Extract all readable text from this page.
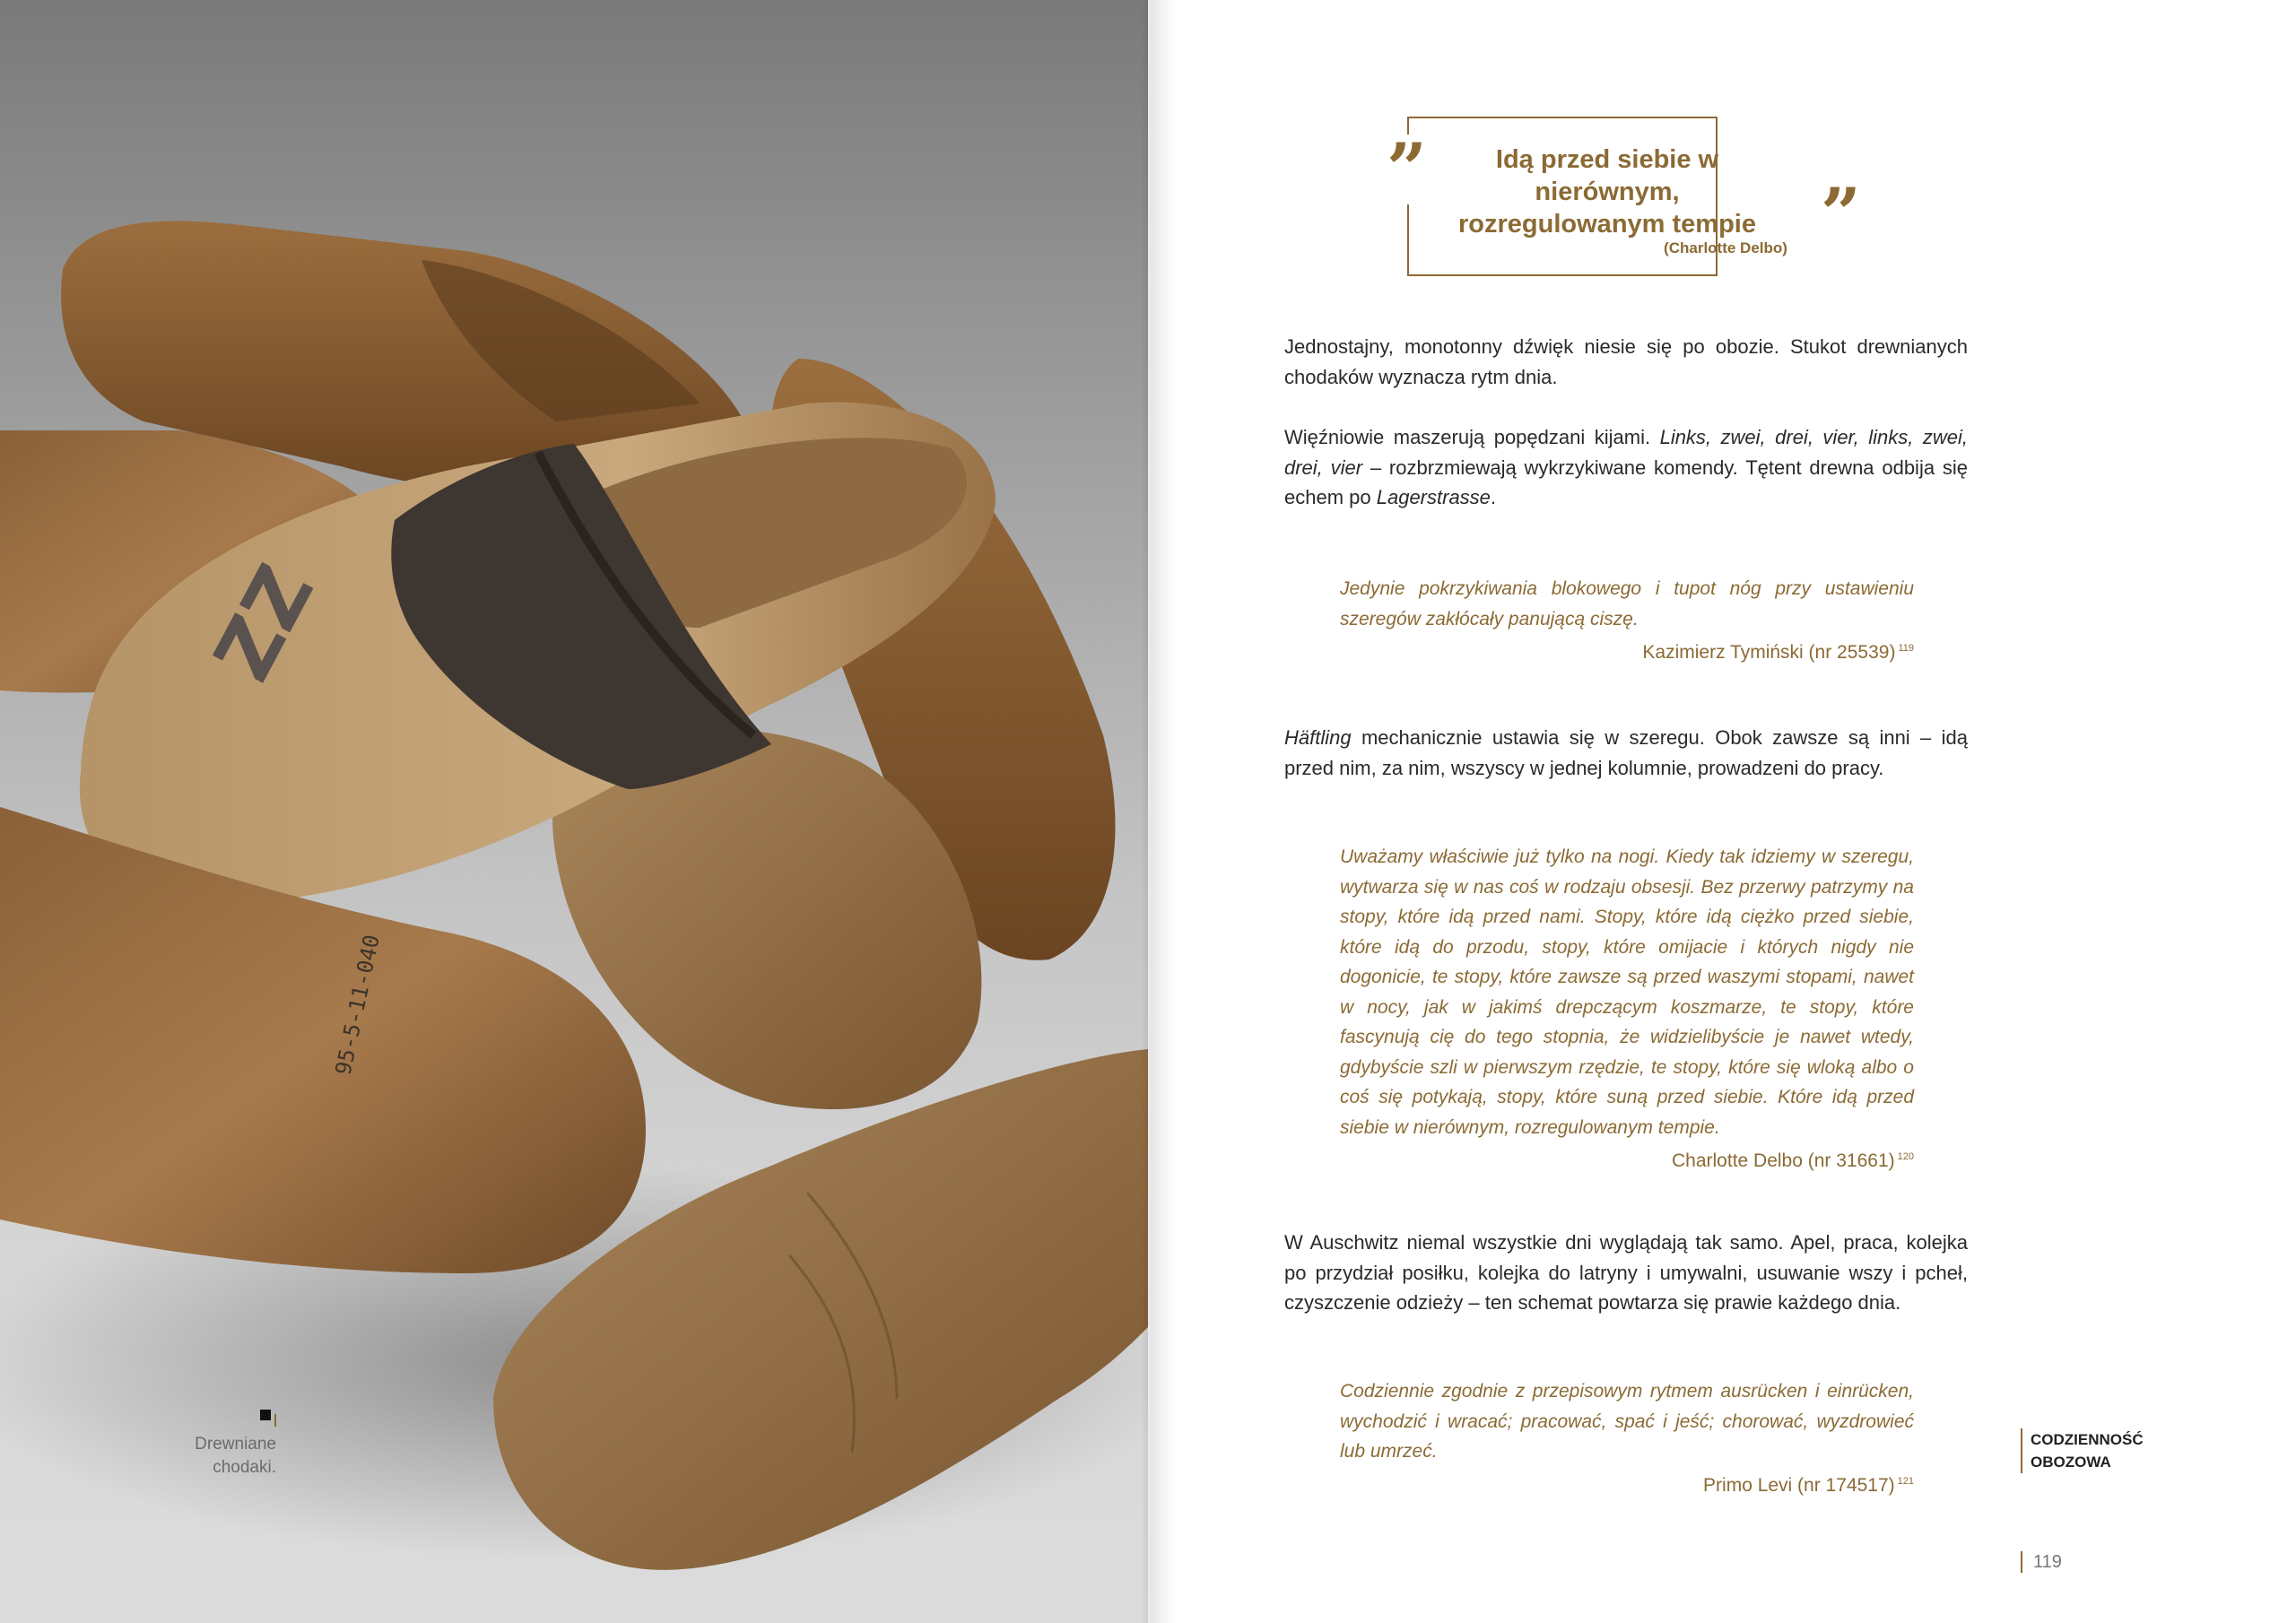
ZZ
95-5-11-040

Drewniane
chodaki.
”
”
Idą przed siebie w nierównym,
rozregulowanym tempie
(Charlotte Delbo)

Jednostajny, monotonny dźwięk niesie się po obozie. Stukot drewnianych chodaków wyznacza rytm dnia.

Więźniowie maszerują popędzani kijami. Links, zwei, drei, vier, links, zwei, drei, vier – rozbrzmiewają wykrzykiwane komendy. Tętent drewna odbija się echem po Lagerstrasse.

Jedynie pokrzykiwania blokowego i tupot nóg przy ustawieniu szeregów zakłócały panującą ciszę.
Kazimierz Tymiński (nr 25539) $^{119}$

Häftling mechanicznie ustawia się w szeregu. Obok zawsze są inni – idą przed nim, za nim, wszyscy w jednej kolumnie, prowadzeni do pracy.

Uważamy właściwie już tylko na nogi. Kiedy tak idziemy w szeregu, wytwarza się w nas coś w rodzaju obsesji. Bez przerwy patrzymy na stopy, które idą przed nami. Stopy, które idą ciężko przed siebie, które idą do przodu, stopy, które omijacie i których nigdy nie dogonicie, te stopy, które zawsze są przed waszymi stopami, nawet w nocy, jak w jakimś drepczącym koszmarze, te stopy, które fascynują cię do tego stopnia, że widzielibyście je nawet wtedy, gdybyście szli w pierwszym rzędzie, te stopy, które się wloką albo o coś się potykają, stopy, które suną przed siebie. Które idą przed siebie w nierównym, rozregulowanym tempie.
Charlotte Delbo (nr 31661) $^{120}$

W Auschwitz niemal wszystkie dni wyglądają tak samo. Apel, praca, kolejka po przydział posiłku, kolejka do latryny i umywalni, usuwanie wszy i pcheł, czyszczenie odzieży – ten schemat powtarza się prawie każdego dnia.

Codziennie zgodnie z przepisowym rytmem ausrücken i einrücken, wychodzić i wracać; pracować, spać i jeść; chorować, wyzdrowieć lub umrzeć.
Primo Levi (nr 174517) $^{121}$
CODZIENNOŚĆ
OBOZOWA
119
